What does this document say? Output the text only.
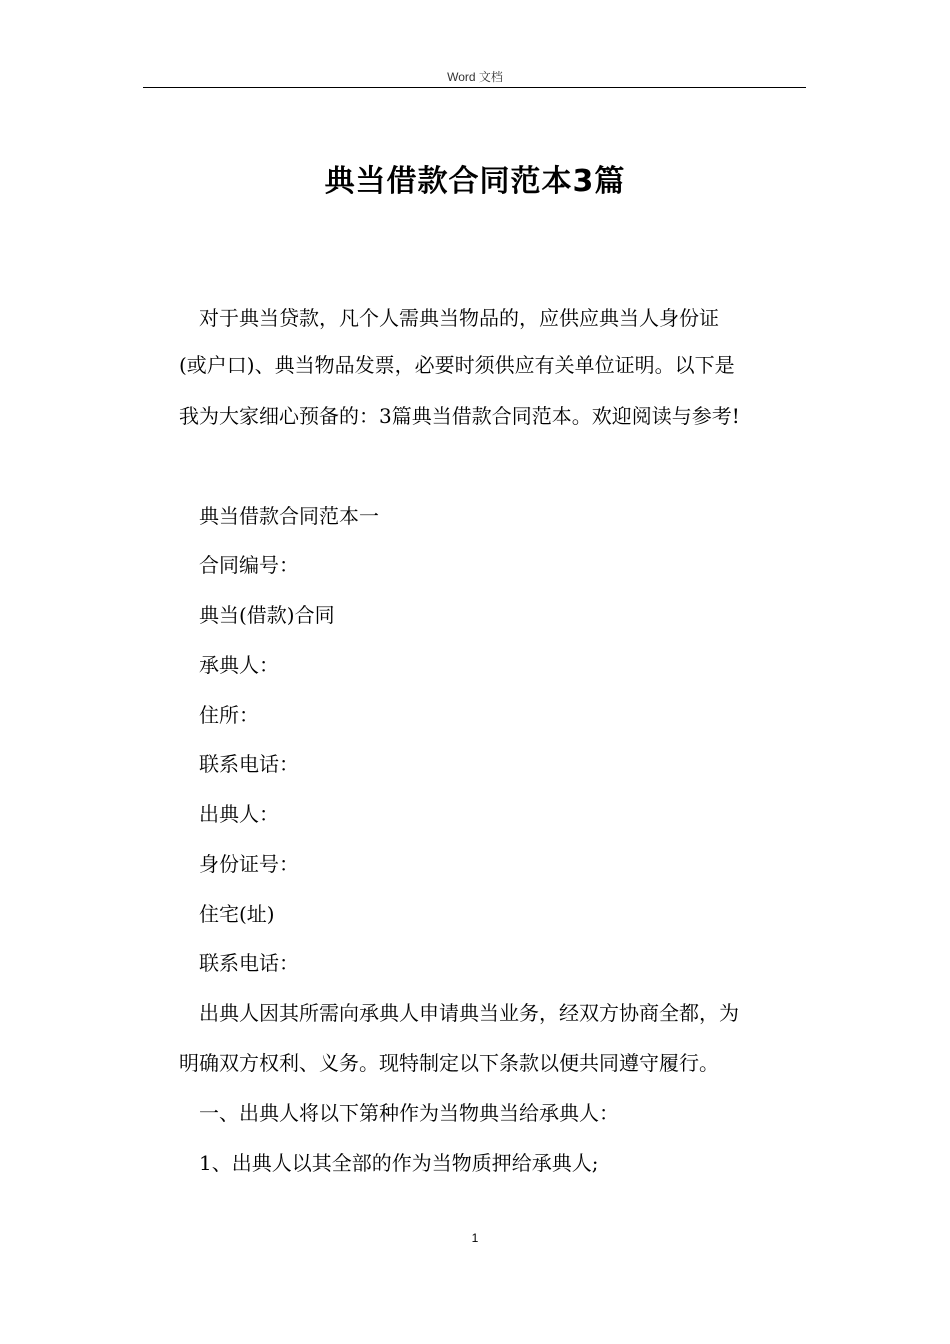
Word 文档
典当借款合同范本3篇
对于典当贷款，凡个人需典当物品的，应供应典当人身份证
(或户口)、典当物品发票，必要时须供应有关单位证明。以下是
我为大家细心预备的：3篇典当借款合同范本。欢迎阅读与参考!
典当借款合同范本一
合同编号：
典当(借款)合同
承典人：
住所：
联系电话：
出典人：
身份证号：
住宅(址)
联系电话：
出典人因其所需向承典人申请典当业务，经双方协商全都，为
明确双方权利、义务。现特制定以下条款以便共同遵守履行。
一、出典人将以下第种作为当物典当给承典人：
1、出典人以其全部的作为当物质押给承典人;
1
